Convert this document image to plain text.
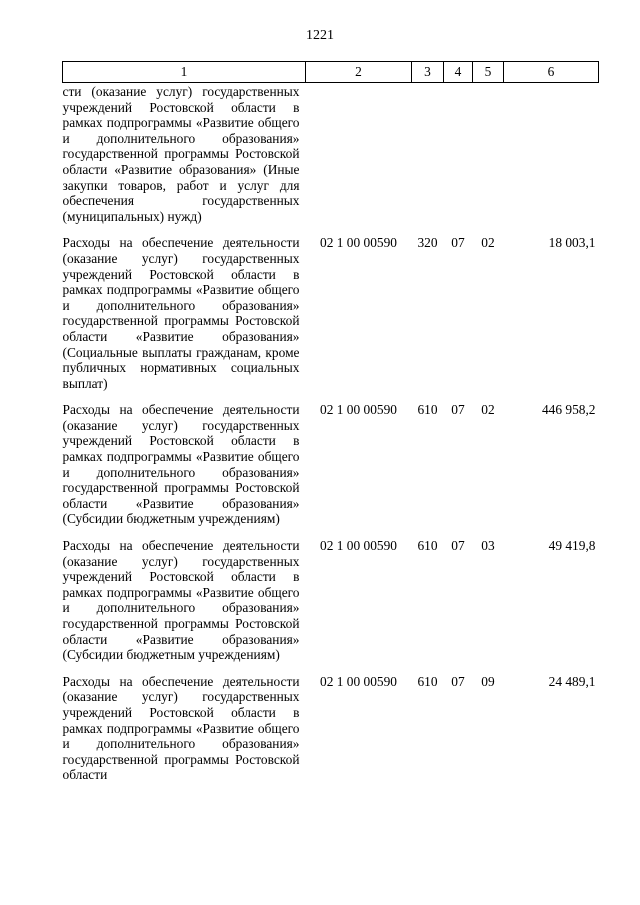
1221
1	2	3	4	5	6
сти (оказание услуг) государственных учреждений Ростовской области в рамках подпрограммы «Развитие общего и дополнительного образования» государственной программы Ростовской области «Развитие образования» (Иные закупки товаров, работ и услуг для обеспечения государственных (муниципальных) нужд)					
Расходы на обеспечение деятельности (оказание услуг) государственных учреждений Ростовской области в рамках подпрограммы «Развитие общего и дополнительного образования» государственной программы Ростовской области «Развитие образования» (Социальные выплаты гражданам, кроме публичных нормативных социальных выплат)	02 1 00 00590	320	07	02	18 003,1
Расходы на обеспечение деятельности (оказание услуг) государственных учреждений Ростовской области в рамках подпрограммы «Развитие общего и дополнительного образования» государственной программы Ростовской области «Развитие образования» (Субсидии бюджетным учреждениям)	02 1 00 00590	610	07	02	446 958,2
Расходы на обеспечение деятельности (оказание услуг) государственных учреждений Ростовской области в рамках подпрограммы «Развитие общего и дополнительного образования» государственной программы Ростовской области «Развитие образования» (Субсидии бюджетным учреждениям)	02 1 00 00590	610	07	03	49 419,8
Расходы на обеспечение деятельности (оказание услуг) государственных учреждений Ростовской области в рамках подпрограммы «Развитие общего и дополнительного образования» государственной программы Ростовской области	02 1 00 00590	610	07	09	24 489,1
